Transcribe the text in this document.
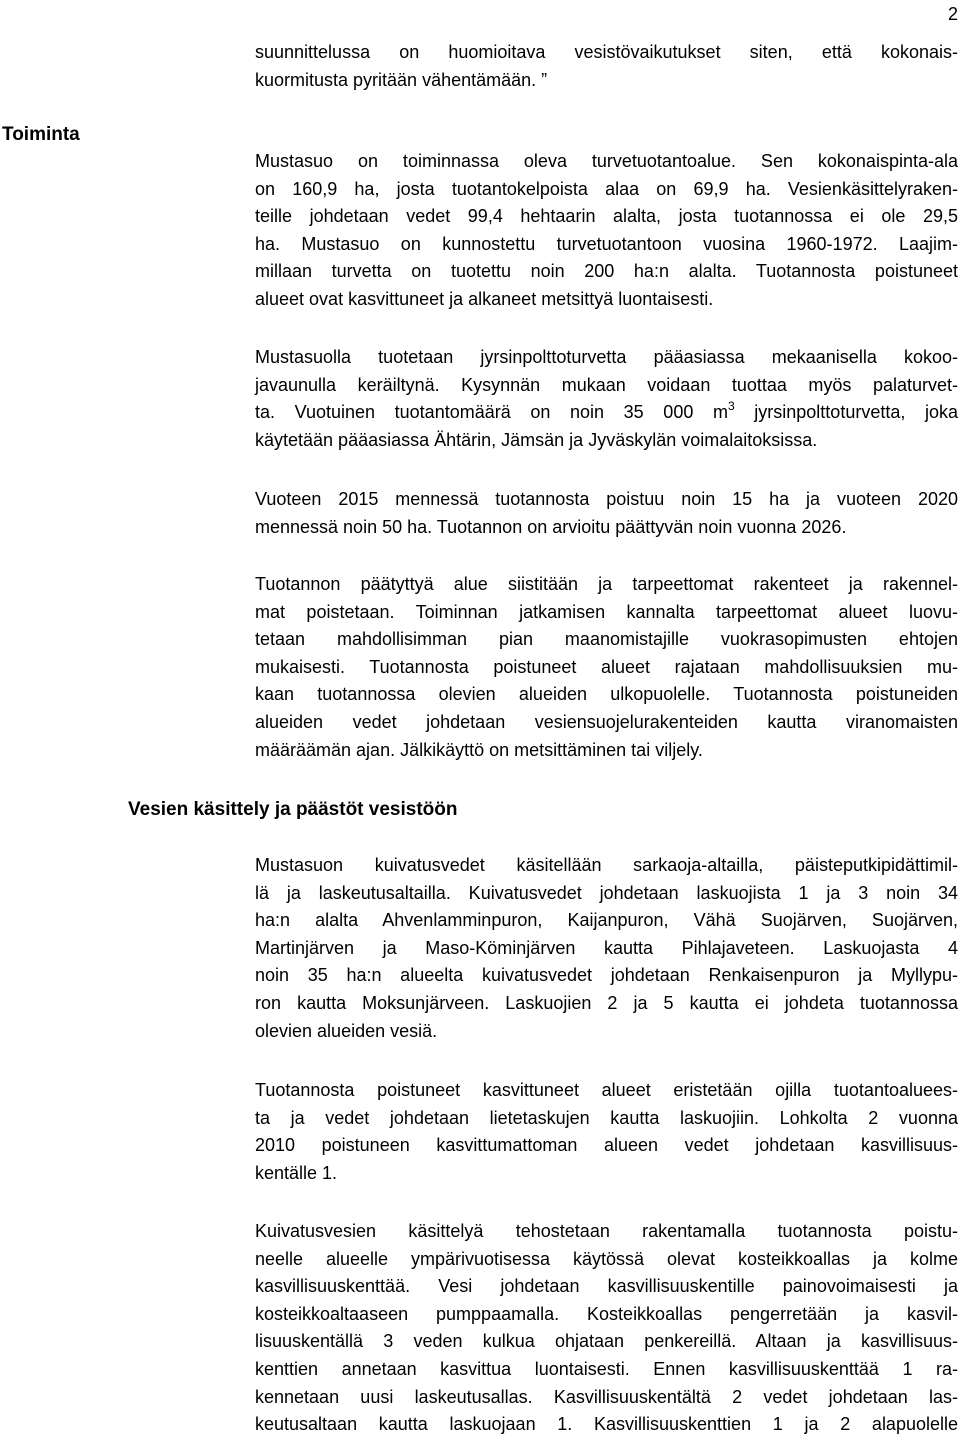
2
suunnittelussa on huomioitava vesistövaikutukset siten, että kokonais-
kuormitusta pyritään vähentämään. ”
Toiminta
Mustasuo on toiminnassa oleva turvetuotantoalue. Sen kokonaispinta-ala
on 160,9 ha, josta tuotantokelpoista alaa on 69,9 ha. Vesienkäsittelyraken-
teille johdetaan vedet 99,4 hehtaarin alalta, josta tuotannossa ei ole 29,5
ha. Mustasuo on kunnostettu turvetuotantoon vuosina 1960-1972. Laajim-
millaan turvetta on tuotettu noin 200 ha:n alalta. Tuotannosta poistuneet
alueet ovat kasvittuneet ja alkaneet metsittyä luontaisesti.
Mustasuolla tuotetaan jyrsinpolttoturvetta pääasiassa mekaanisella kokoo-
javaunulla keräiltynä. Kysynnän mukaan voidaan tuottaa myös palaturvet-
ta. Vuotuinen tuotantomäärä on noin 35 000 $m^3$ jyrsinpolttoturvetta, joka
käytetään pääasiassa Ähtärin, Jämsän ja Jyväskylän voimalaitoksissa.
Vuoteen 2015 mennessä tuotannosta poistuu noin 15 ha ja vuoteen 2020
mennessä noin 50 ha. Tuotannon on arvioitu päättyvän noin vuonna 2026.
Tuotannon päätyttyä alue siistitään ja tarpeettomat rakenteet ja rakennel-
mat poistetaan. Toiminnan jatkamisen kannalta tarpeettomat alueet luovu-
tetaan mahdollisimman pian maanomistajille vuokrasopimusten ehtojen
mukaisesti. Tuotannosta poistuneet alueet rajataan mahdollisuuksien mu-
kaan tuotannossa olevien alueiden ulkopuolelle. Tuotannosta poistuneiden
alueiden vedet johdetaan vesiensuojelurakenteiden kautta viranomaisten
määräämän ajan. Jälkikäyttö on metsittäminen tai viljely.
Vesien käsittely ja päästöt vesistöön
Mustasuon kuivatusvedet käsitellään sarkaoja-altailla, päisteputkipidättimil-
lä ja laskeutusaltailla. Kuivatusvedet johdetaan laskuojista 1 ja 3 noin 34
ha:n alalta Ahvenlamminpuron, Kaijanpuron, Vähä Suojärven, Suojärven,
Martinjärven ja Maso-Köminjärven kautta Pihlajaveteen. Laskuojasta 4
noin 35 ha:n alueelta kuivatusvedet johdetaan Renkaisenpuron ja Myllypu-
ron kautta Moksunjärveen. Laskuojien 2 ja 5 kautta ei johdeta tuotannossa
olevien alueiden vesiä.
Tuotannosta poistuneet kasvittuneet alueet eristetään ojilla tuotantoaluees-
ta ja vedet johdetaan lietetaskujen kautta laskuojiin. Lohkolta 2 vuonna
2010 poistuneen kasvittumattoman alueen vedet johdetaan kasvillisuus-
kentälle 1.
Kuivatusvesien käsittelyä tehostetaan rakentamalla tuotannosta poistu-
neelle alueelle ympärivuotisessa käytössä olevat kosteikkoallas ja kolme
kasvillisuuskenttää. Vesi johdetaan kasvillisuuskentille painovoimaisesti ja
kosteikkoaltaaseen pumppaamalla. Kosteikkoallas pengerretään ja kasvil-
lisuuskentällä 3 veden kulkua ohjataan penkereillä. Altaan ja kasvillisuus-
kenttien annetaan kasvittua luontaisesti. Ennen kasvillisuuskenttää 1 ra-
kennetaan uusi laskeutusallas. Kasvillisuuskentältä 2 vedet johdetaan las-
keutusaltaan kautta laskuojaan 1. Kasvillisuuskenttien 1 ja 2 alapuolelle
